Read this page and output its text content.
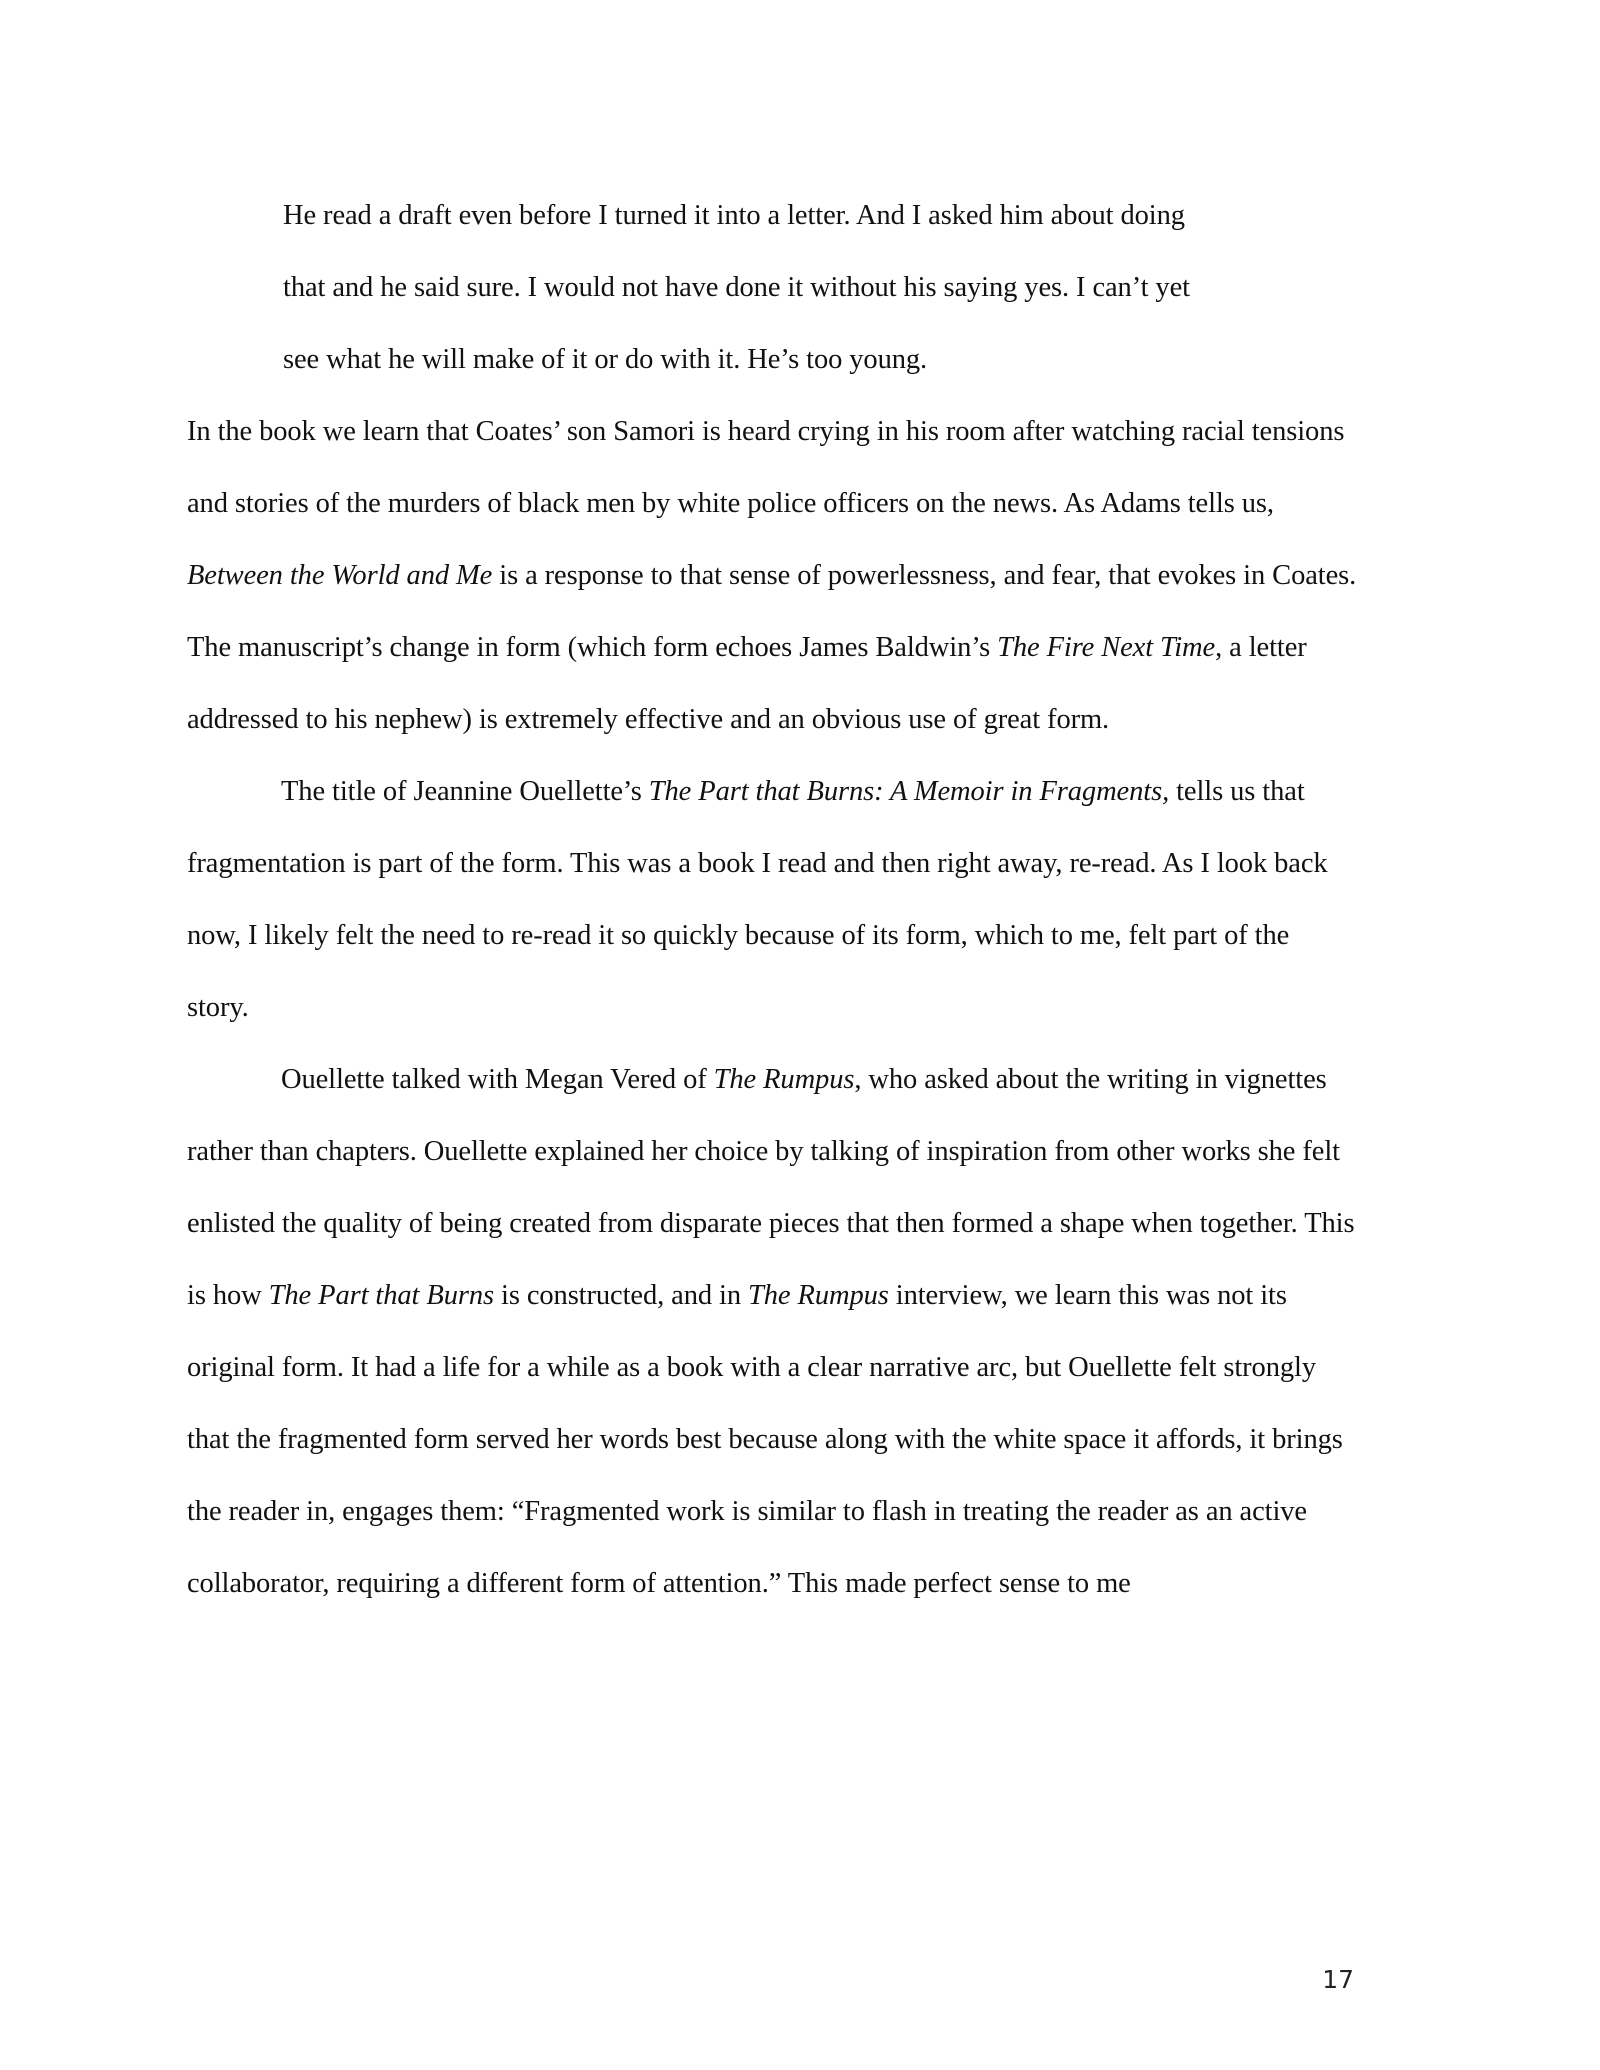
He read a draft even before I turned it into a letter. And I asked him about doing
that and he said sure. I would not have done it without his saying yes. I can’t yet
see what he will make of it or do with it. He’s too young.

In the book we learn that Coates’ son Samori is heard crying in his room after watching racial tensions and stories of the murders of black men by white police officers on the news. As Adams tells us, Between the World and Me is a response to that sense of powerlessness, and fear, that evokes in Coates. The manuscript’s change in form (which form echoes James Baldwin’s The Fire Next Time, a letter addressed to his nephew) is extremely effective and an obvious use of great form.

The title of Jeannine Ouellette’s The Part that Burns: A Memoir in Fragments, tells us that fragmentation is part of the form. This was a book I read and then right away, re-read. As I look back now, I likely felt the need to re-read it so quickly because of its form, which to me, felt part of the story.

Ouellette talked with Megan Vered of The Rumpus, who asked about the writing in vignettes rather than chapters. Ouellette explained her choice by talking of inspiration from other works she felt enlisted the quality of being created from disparate pieces that then formed a shape when together. This is how The Part that Burns is constructed, and in The Rumpus interview, we learn this was not its original form. It had a life for a while as a book with a clear narrative arc, but Ouellette felt strongly that the fragmented form served her words best because along with the white space it affords, it brings the reader in, engages them: “Fragmented work is similar to flash in treating the reader as an active collaborator, requiring a different form of attention.” This made perfect sense to me

17
